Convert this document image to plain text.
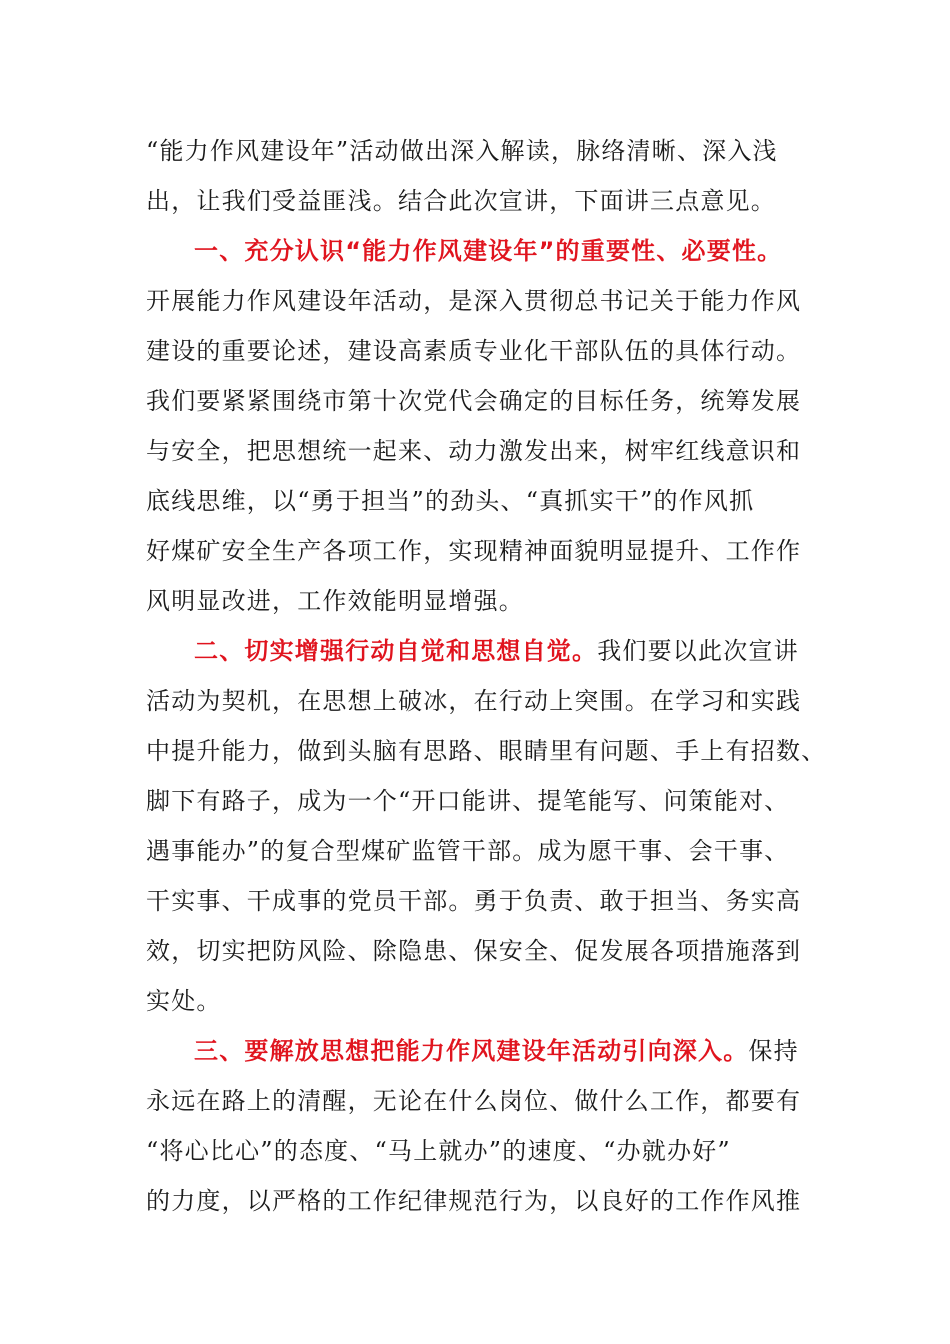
“能力作风建设年”活动做出深入解读，脉络清晰、深入浅
出，让我们受益匪浅。结合此次宣讲，下面讲三点意见。
一、充分认识“能力作风建设年”的重要性、必要性。
开展能力作风建设年活动，是深入贯彻总书记关于能力作风
建设的重要论述，建设高素质专业化干部队伍的具体行动。
我们要紧紧围绕市第十次党代会确定的目标任务，统筹发展
与安全，把思想统一起来、动力激发出来，树牢红线意识和
底线思维，以“勇于担当”的劲头、“真抓实干”的作风抓
好煤矿安全生产各项工作，实现精神面貌明显提升、工作作
风明显改进，工作效能明显增强。
二、切实增强行动自觉和思想自觉。我们要以此次宣讲
活动为契机，在思想上破冰，在行动上突围。在学习和实践
中提升能力，做到头脑有思路、眼睛里有问题、手上有招数、
脚下有路子，成为一个“开口能讲、提笔能写、问策能对、
遇事能办”的复合型煤矿监管干部。成为愿干事、会干事、
干实事、干成事的党员干部。勇于负责、敢于担当、务实高
效，切实把防风险、除隐患、保安全、促发展各项措施落到
实处。
三、要解放思想把能力作风建设年活动引向深入。保持
永远在路上的清醒，无论在什么岗位、做什么工作，都要有
“将心比心”的态度、“马上就办”的速度、“办就办好”
的力度，以严格的工作纪律规范行为，以良好的工作作风推
